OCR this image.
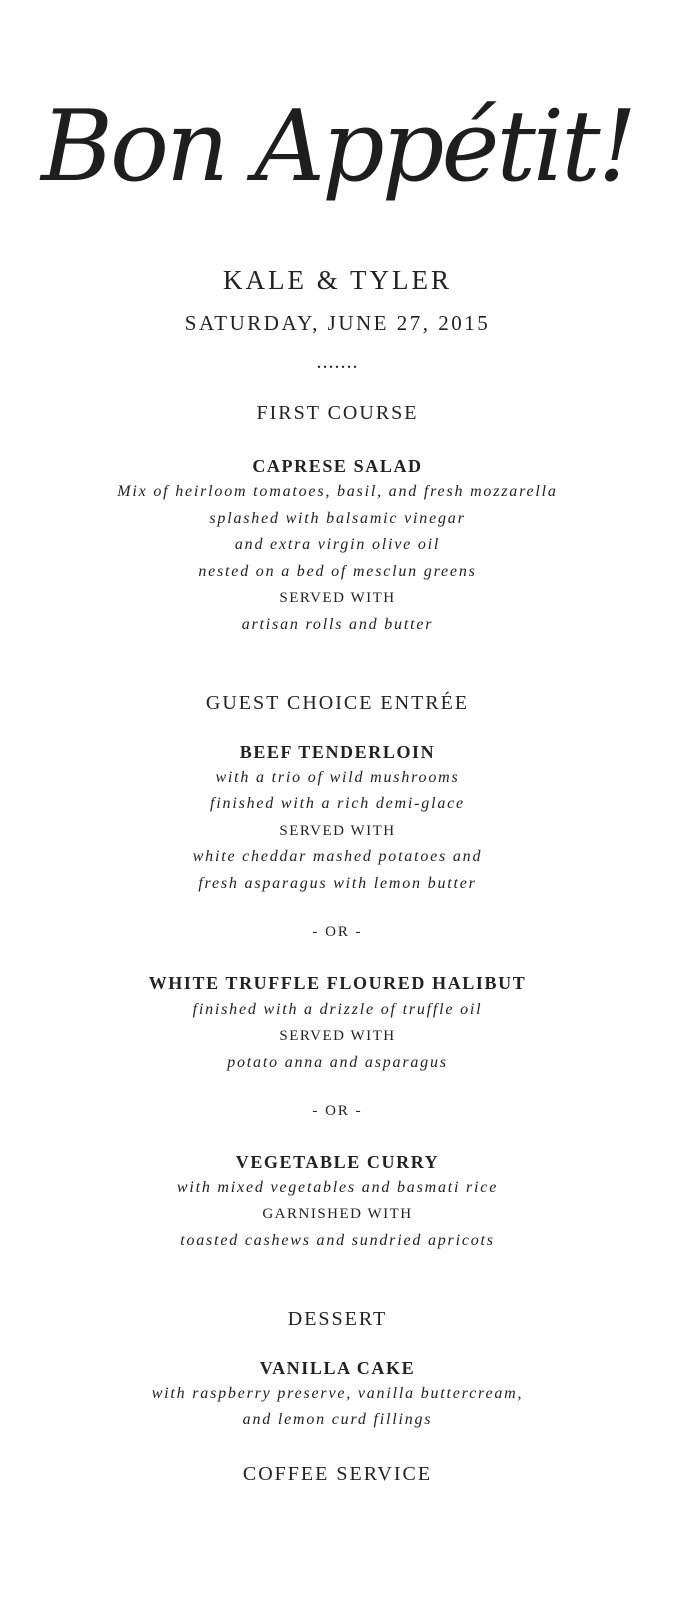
Bon Appétit!
KALE & TYLER
SATURDAY, JUNE 27, 2015
.......
FIRST COURSE
CAPRESE SALAD
Mix of heirloom tomatoes, basil, and fresh mozzarella
splashed with balsamic vinegar
and extra virgin olive oil
nested on a bed of mesclun greens
SERVED WITH
artisan rolls and butter
GUEST CHOICE ENTRÉE
BEEF TENDERLOIN
with a trio of wild mushrooms
finished with a rich demi-glace
SERVED WITH
white cheddar mashed potatoes and
fresh asparagus with lemon butter
- OR -
WHITE TRUFFLE FLOURED HALIBUT
finished with a drizzle of truffle oil
SERVED WITH
potato anna and asparagus
- OR -
VEGETABLE CURRY
with mixed vegetables and basmati rice
GARNISHED WITH
toasted cashews and sundried apricots
DESSERT
VANILLA CAKE
with raspberry preserve, vanilla buttercream,
and lemon curd fillings
COFFEE SERVICE
